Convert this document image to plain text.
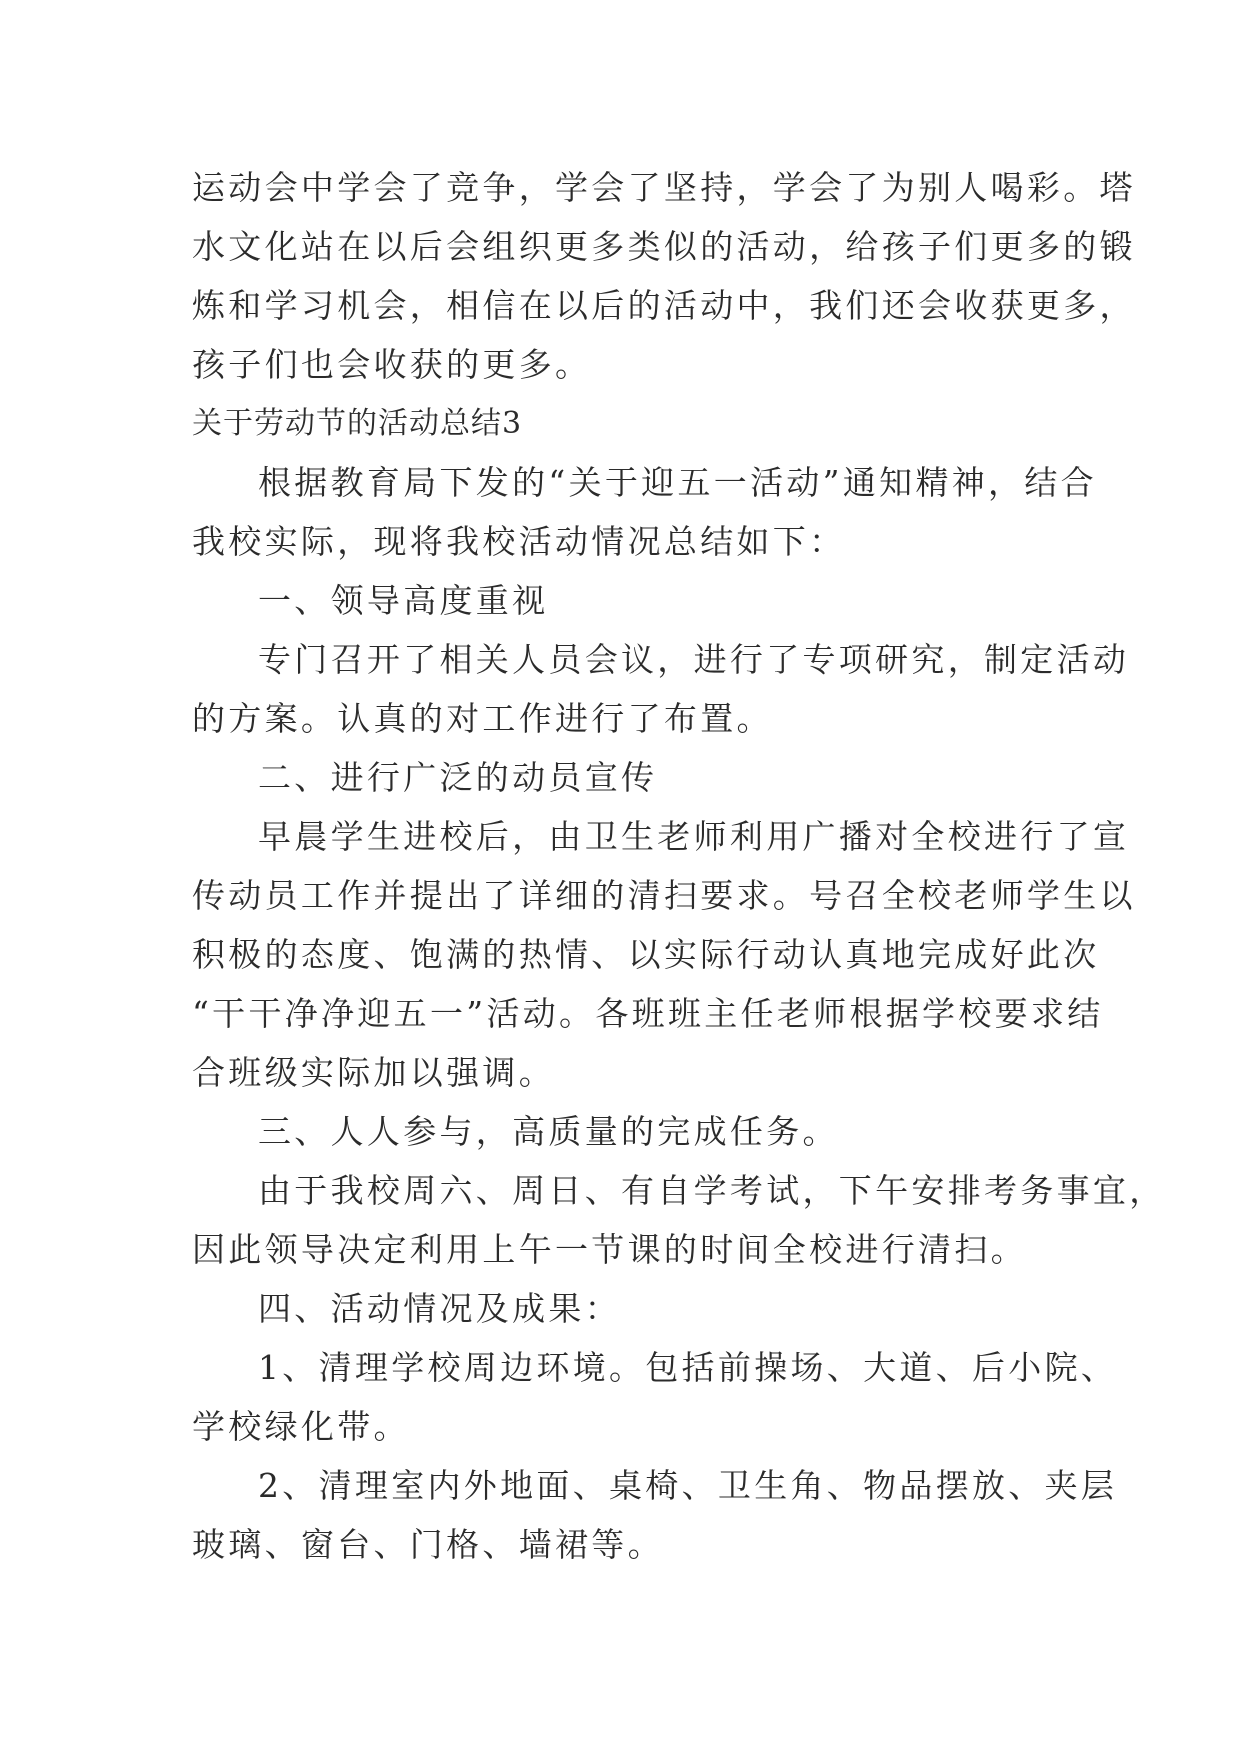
运动会中学会了竞争，学会了坚持，学会了为别人喝彩。塔
水文化站在以后会组织更多类似的活动，给孩子们更多的锻
炼和学习机会，相信在以后的活动中，我们还会收获更多，
孩子们也会收获的更多。
关于劳动节的活动总结3
根据教育局下发的“关于迎五一活动”通知精神，结合
我校实际，现将我校活动情况总结如下：
一、领导高度重视
专门召开了相关人员会议，进行了专项研究，制定活动
的方案。认真的对工作进行了布置。
二、进行广泛的动员宣传
早晨学生进校后，由卫生老师利用广播对全校进行了宣
传动员工作并提出了详细的清扫要求。号召全校老师学生以
积极的态度、饱满的热情、以实际行动认真地完成好此次
“干干净净迎五一”活动。各班班主任老师根据学校要求结
合班级实际加以强调。
三、人人参与，高质量的完成任务。
由于我校周六、周日、有自学考试，下午安排考务事宜，
因此领导决定利用上午一节课的时间全校进行清扫。
四、活动情况及成果：
1、清理学校周边环境。包括前操场、大道、后小院、
学校绿化带。
2、清理室内外地面、桌椅、卫生角、物品摆放、夹层
玻璃、窗台、门格、墙裙等。
